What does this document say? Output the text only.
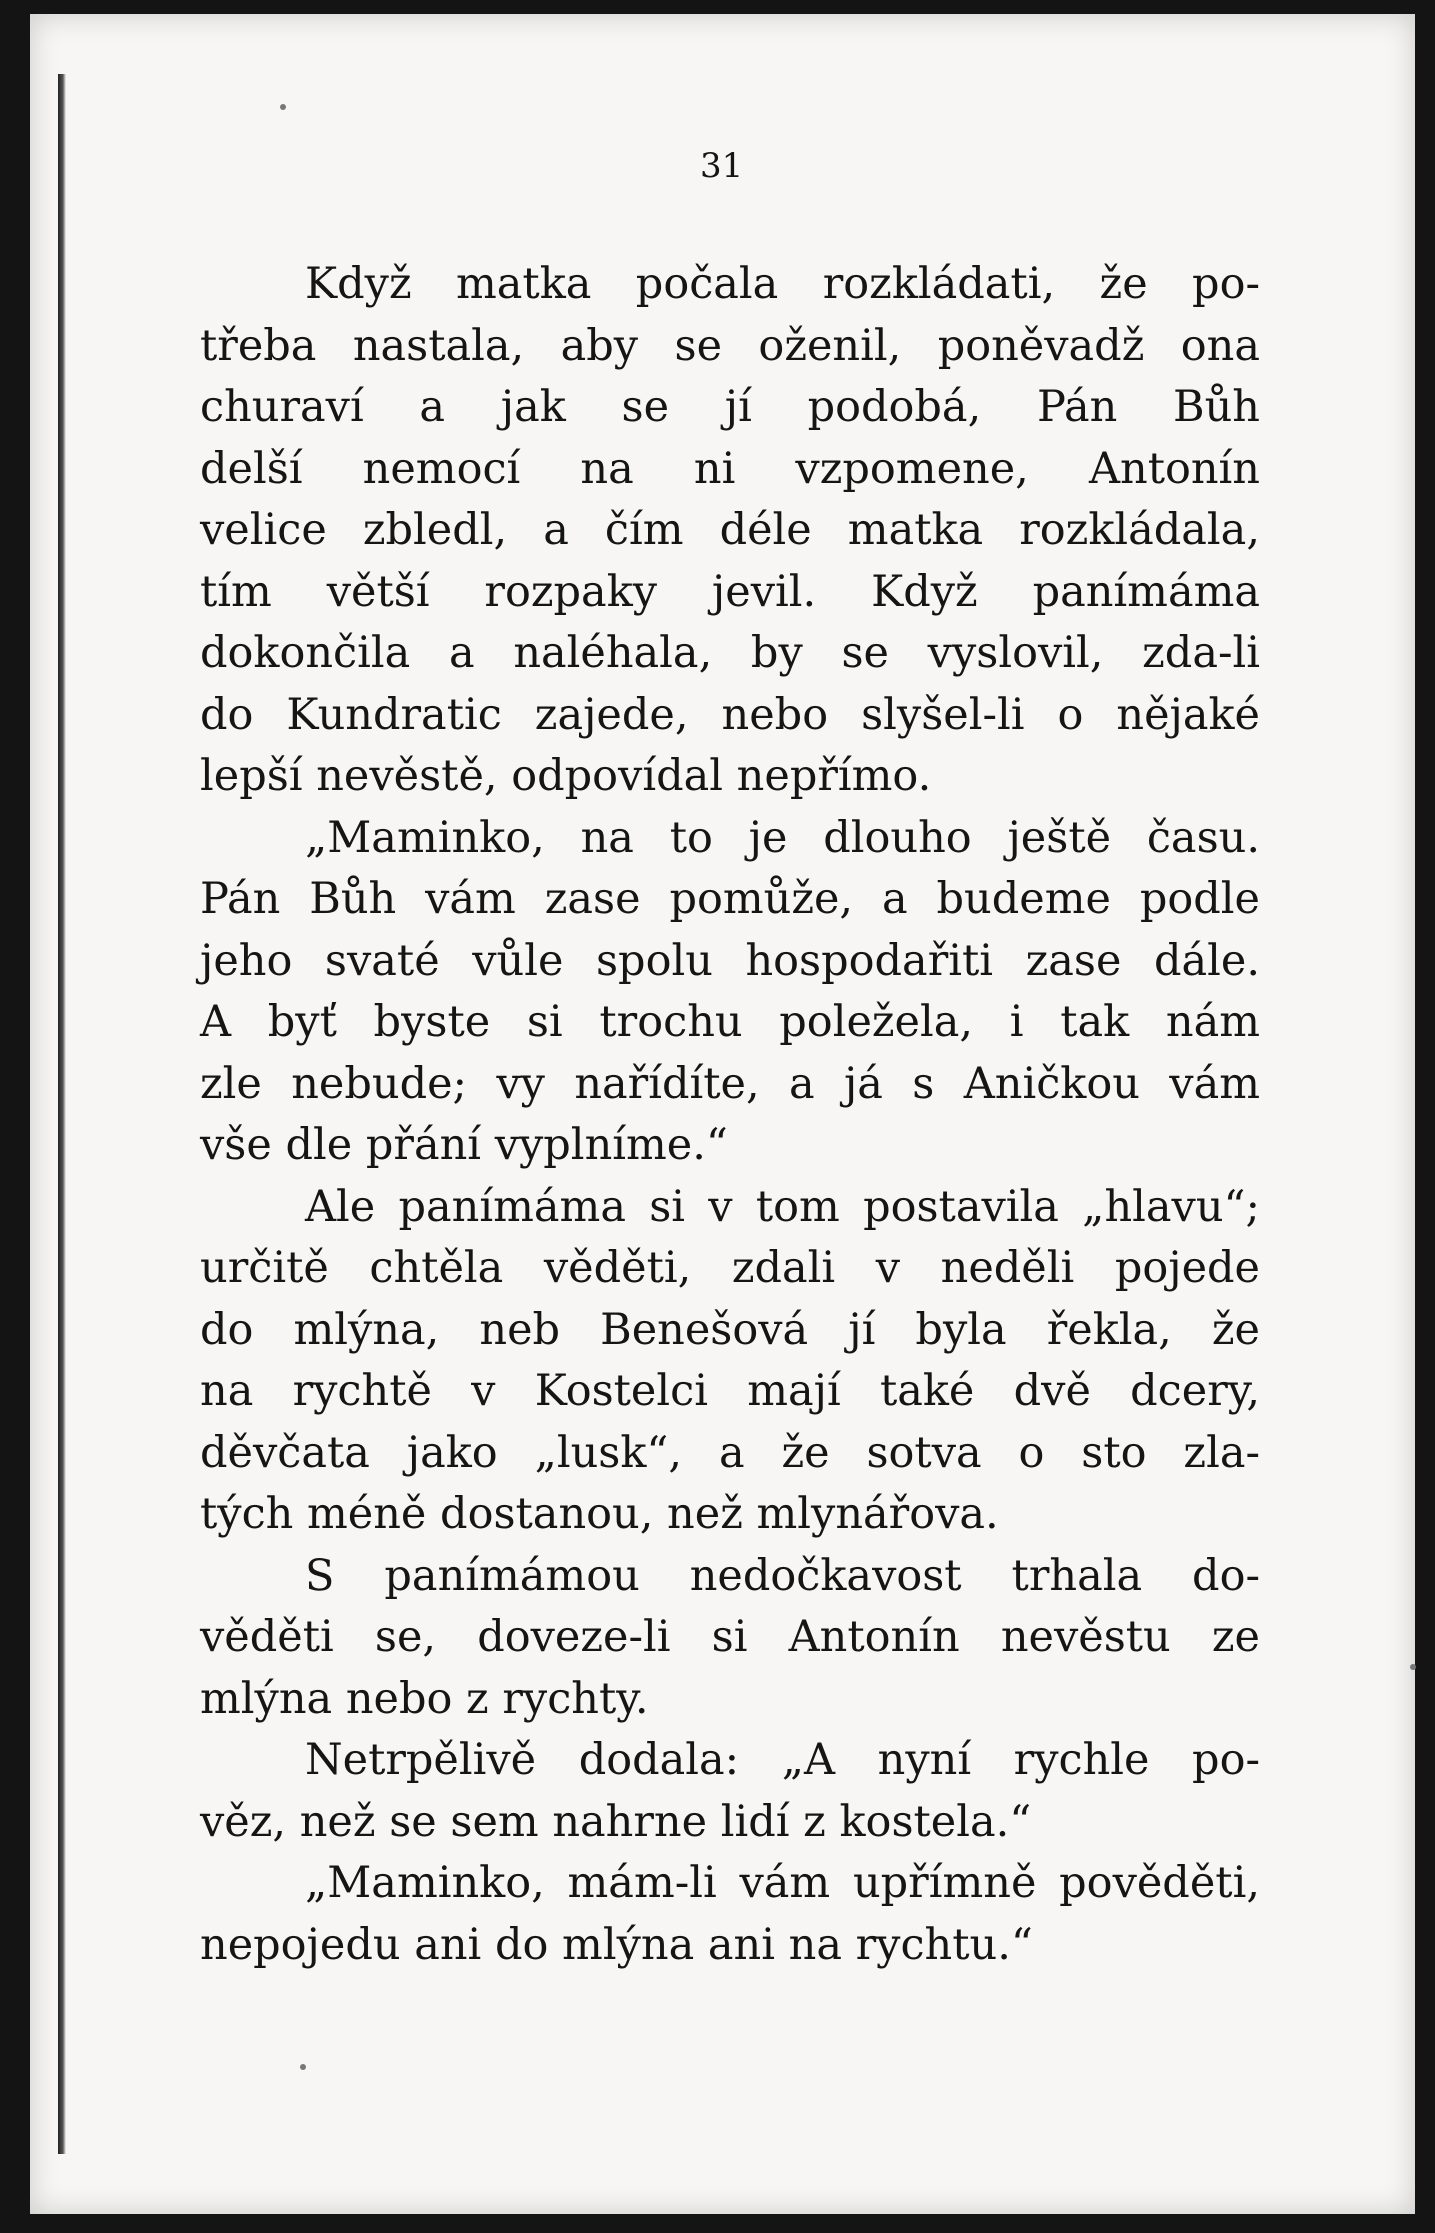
31
Když matka počala rozkládati, že po-
třeba nastala, aby se oženil, poněvadž ona
churaví a jak se jí podobá, Pán Bůh
delší nemocí na ni vzpomene, Antonín
velice zbledl, a čím déle matka rozkládala,
tím větší rozpaky jevil. Když panímáma
dokončila a naléhala, by se vyslovil, zda-li
do Kundratic zajede, nebo slyšel-li o nějaké
lepší nevěstě, odpovídal nepřímo.
„Maminko, na to je dlouho ještě času.
Pán Bůh vám zase pomůže, a budeme podle
jeho svaté vůle spolu hospodařiti zase dále.
A byť byste si trochu poleželа, i tak nám
zle nebude; vy nařídíte, a já s Aničkou vám
vše dle přání vyplníme.“
Ale panímáma si v tom postavila „hlavu“;
určitě chtěla věděti, zdali v neděli pojede
do mlýna, neb Benešová jí byla řekla, že
na rychtě v Kostelci mají také dvě dcery,
děvčata jako „lusk“, a že sotva o sto zla-
tých méně dostanou, než mlynářova.
S panímámou nedočkavost trhala do-
věděti se, doveze-li si Antonín nevěstu ze
mlýna nebo z rychty.
Netrpělivě dodala: „A nyní rychle po-
věz, než se sem nahrne lidí z kostela.“
„Maminko, mám-li vám upřímně pověděti,
nepojedu ani do mlýna ani na rychtu.“
